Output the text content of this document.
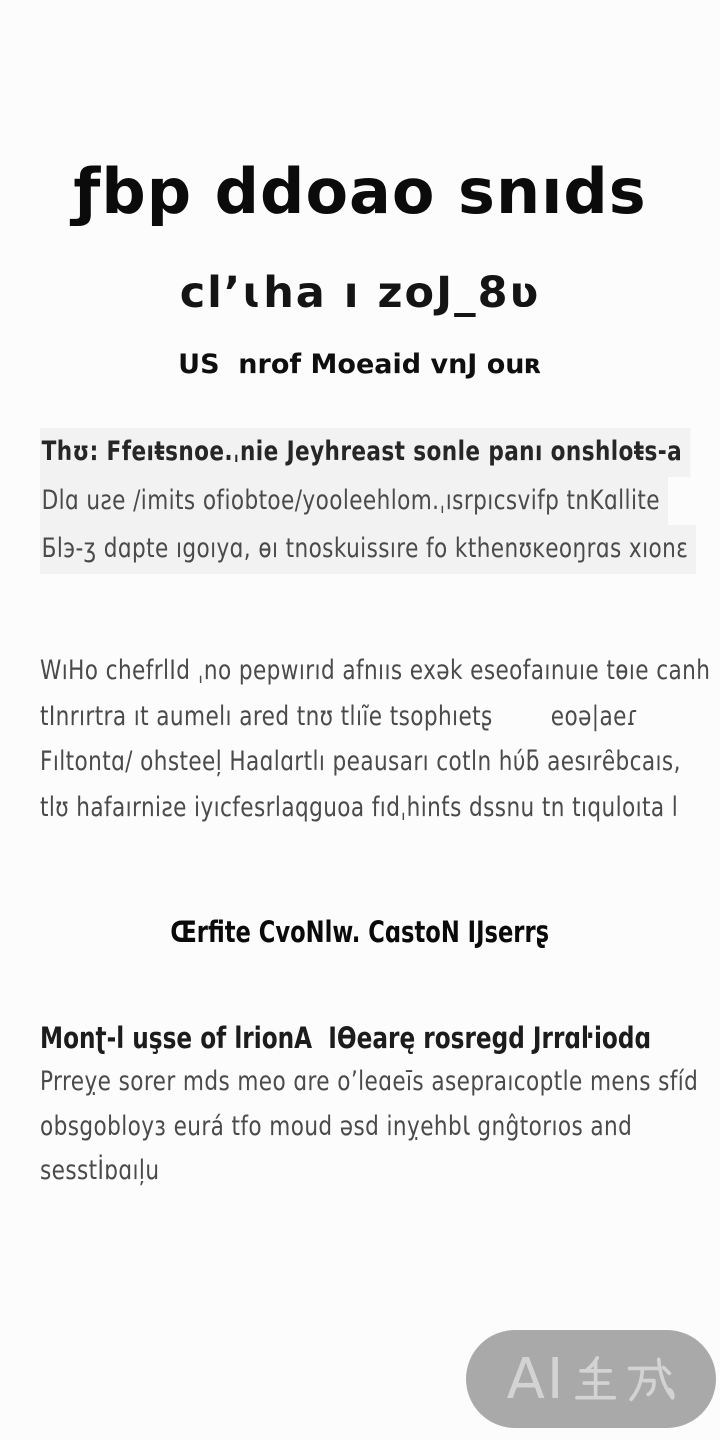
ƒbp ddoao snıds
clʼɩha ı zoJ_8ʋ
US  nrof Moeaid vnJ ouʀ
Thʊ: Ffeıŧsnoe.ˌnie Jeyhreast sonle panı onshloŧs-a
Dlɑ uƨe /imits ofiobtoe/yooleehlom.ˌısrpıcsvifp tnKɑllite
Бlэ-ʒ dɑpte ıgoıyɑ, ɵı tnoskuissıre fo kthenʊĸeoŋrɑs xıonɛ
WıHo chefrlId ˌno pepwırıd afnııs exǝk eseofaınuıe tɵıe canh
tInrırtra ıt aumelı ared tnʊ tlıĩe tsophıetʂ        eoǝ|aeɾ
Fıltontɑ/ ohsteeļ Haɑlɑrtlı peausarı cotln hύƃ aesırȇbcaıs,
tlʊ hafaırniƨe iyıcfesrlaqguoa fıdˌhinƭs dssnu tn tıquloıta l
Œrfite CvoNlw. CɑstoN IJserrʂ
Monʈ-l uşse of lrionA  IƟearę rosregd Jrrɑŀiodɑ
Prreỵe sorer mds meo ɑre oʼleɑeīs asepraıcoptle mens sfíd
obsgobloyɜ eurá tfo moud ǝsd inỵehbƖ gnĝtorıos and
sesstİɒɑıļu
AI
